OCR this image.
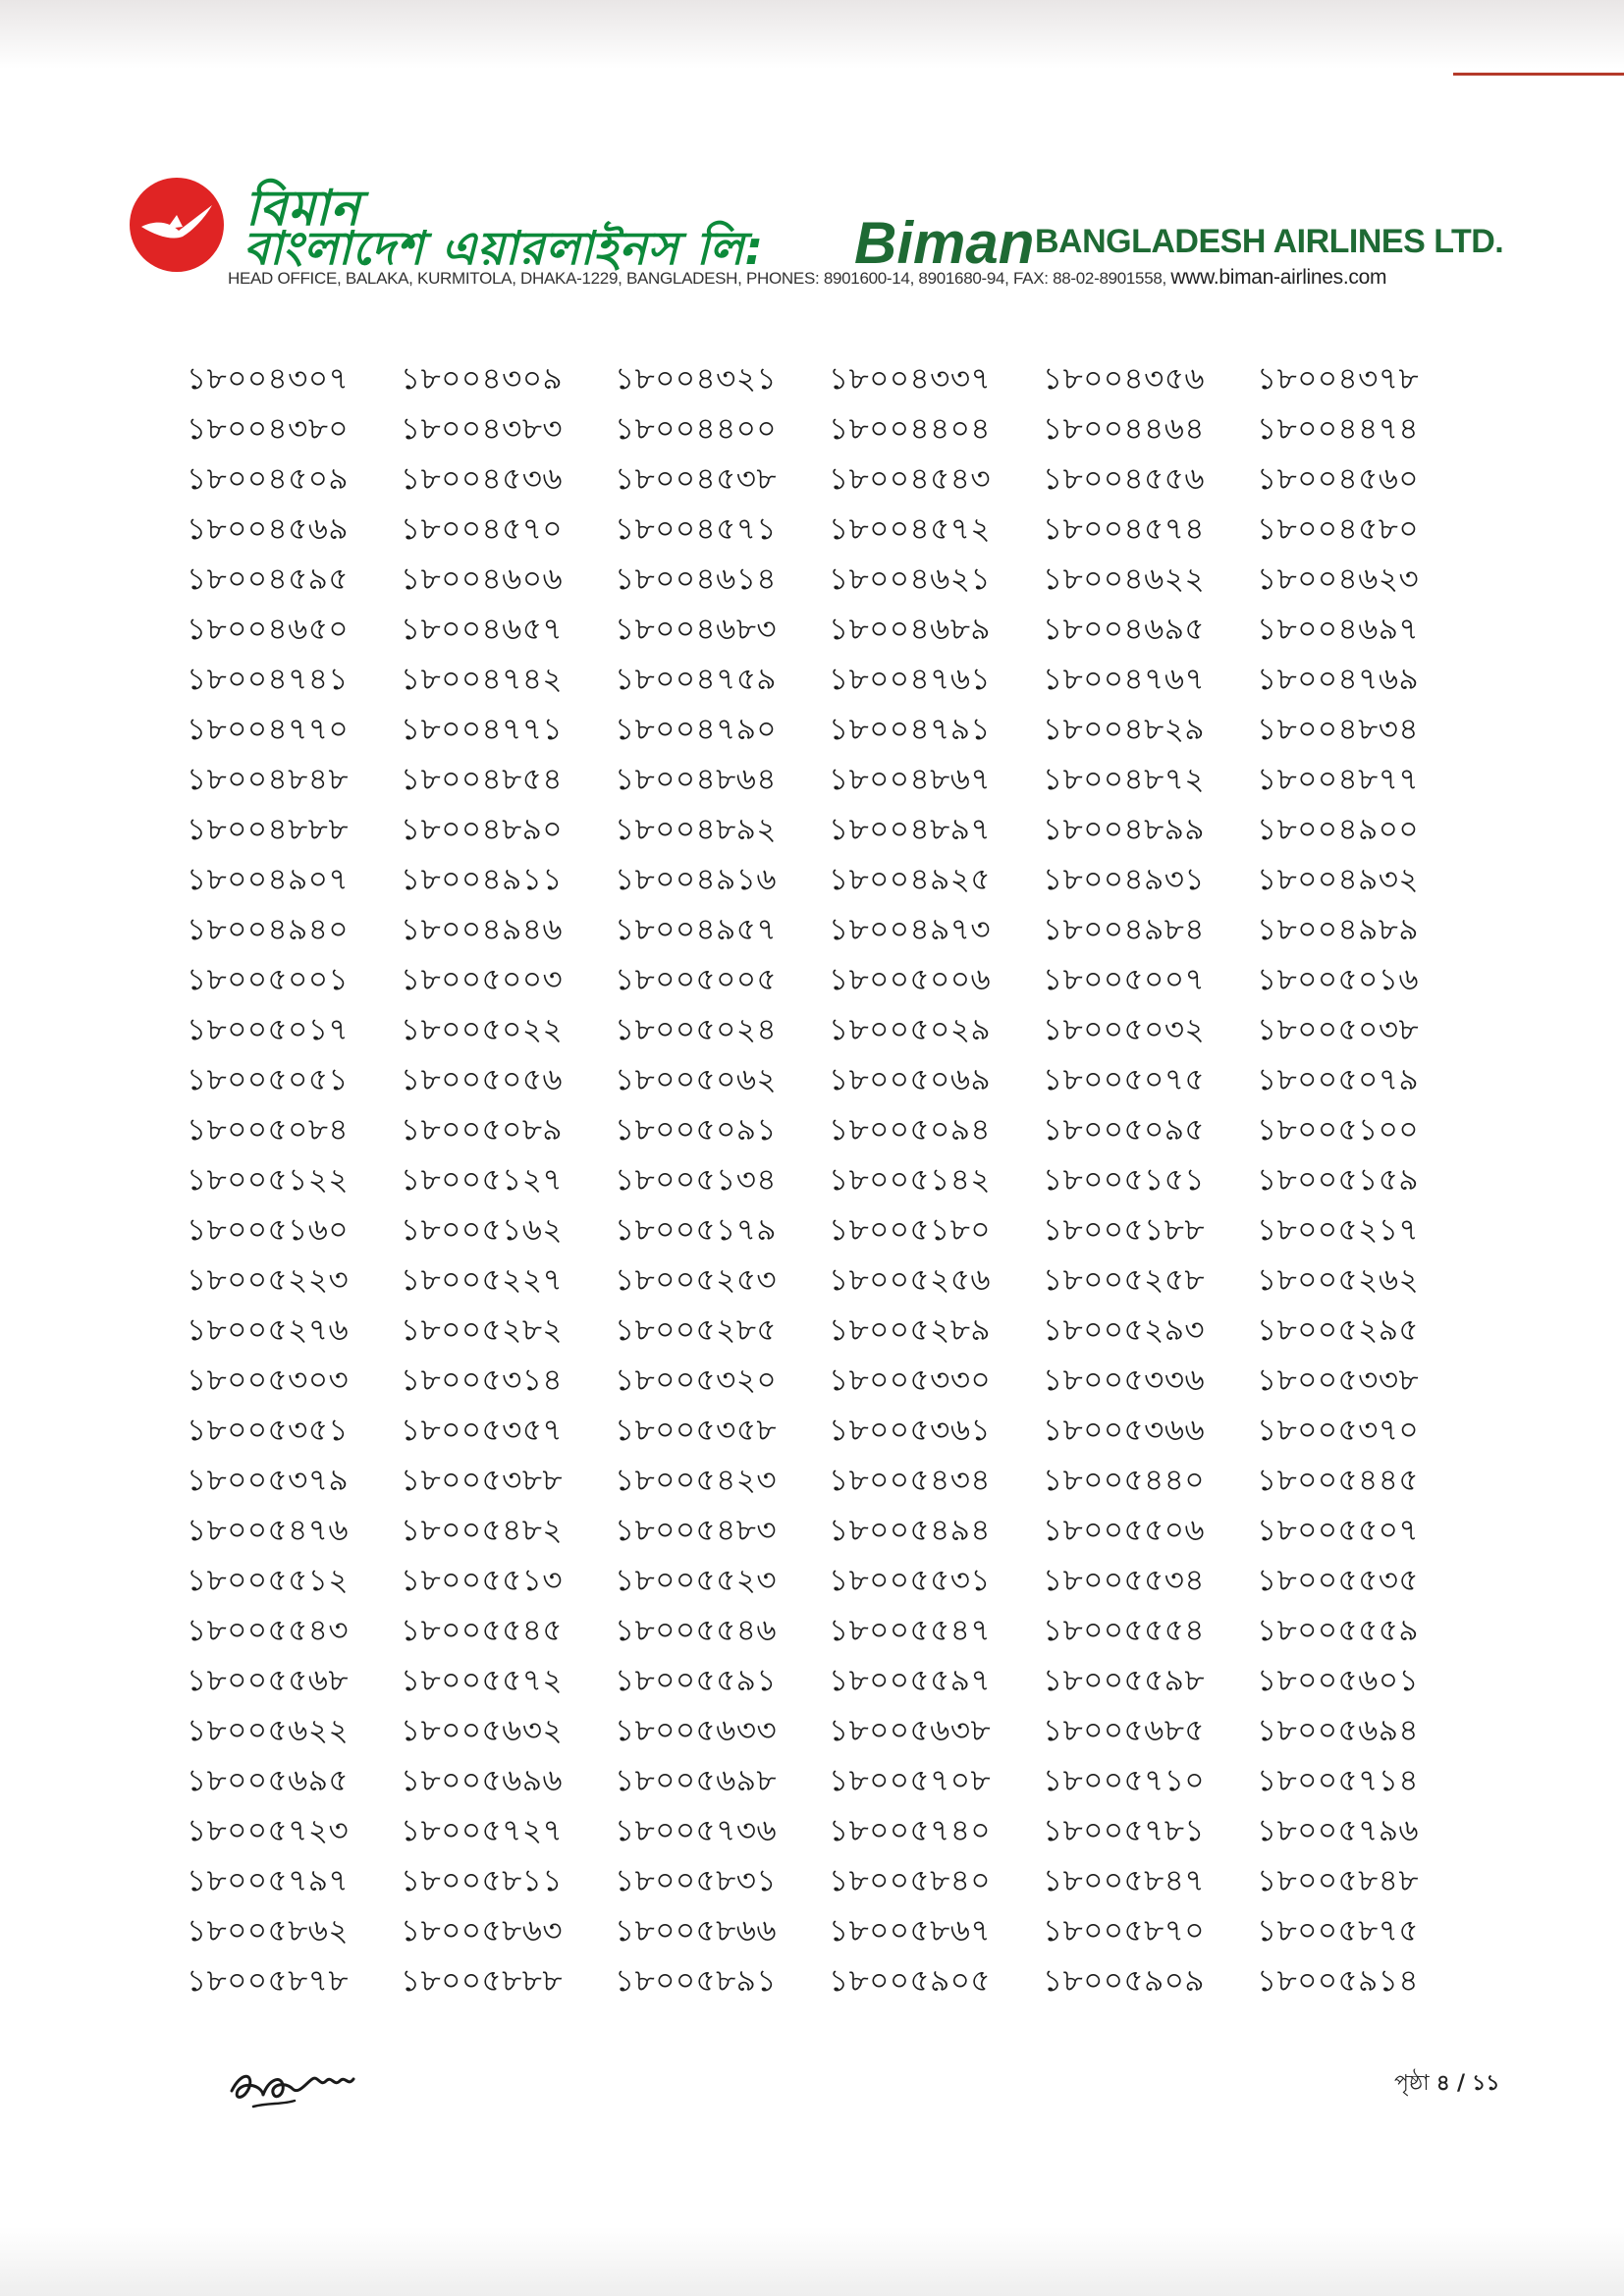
বিমান
বাংলাদেশ এয়ারলাইনস লি: Biman BANGLADESH AIRLINES LTD.
HEAD OFFICE, BALAKA, KURMITOLA, DHAKA-1229, BANGLADESH, PHONES: 8901600-14, 8901680-94, FAX: 88-02-8901558, www.biman-airlines.com
১৮০০৪৩০৭	১৮০০৪৩০৯	১৮০০৪৩২১	১৮০০৪৩৩৭	১৮০০৪৩৫৬	১৮০০৪৩৭৮
১৮০০৪৩৮০	১৮০০৪৩৮৩	১৮০০৪৪০০	১৮০০৪৪০৪	১৮০০৪৪৬৪	১৮০০৪৪৭৪
১৮০০৪৫০৯	১৮০০৪৫৩৬	১৮০০৪৫৩৮	১৮০০৪৫৪৩	১৮০০৪৫৫৬	১৮০০৪৫৬০
১৮০০৪৫৬৯	১৮০০৪৫৭০	১৮০০৪৫৭১	১৮০০৪৫৭২	১৮০০৪৫৭৪	১৮০০৪৫৮০
১৮০০৪৫৯৫	১৮০০৪৬০৬	১৮০০৪৬১৪	১৮০০৪৬২১	১৮০০৪৬২২	১৮০০৪৬২৩
১৮০০৪৬৫০	১৮০০৪৬৫৭	১৮০০৪৬৮৩	১৮০০৪৬৮৯	১৮০০৪৬৯৫	১৮০০৪৬৯৭
১৮০০৪৭৪১	১৮০০৪৭৪২	১৮০০৪৭৫৯	১৮০০৪৭৬১	১৮০০৪৭৬৭	১৮০০৪৭৬৯
১৮০০৪৭৭০	১৮০০৪৭৭১	১৮০০৪৭৯০	১৮০০৪৭৯১	১৮০০৪৮২৯	১৮০০৪৮৩৪
১৮০০৪৮৪৮	১৮০০৪৮৫৪	১৮০০৪৮৬৪	১৮০০৪৮৬৭	১৮০০৪৮৭২	১৮০০৪৮৭৭
১৮০০৪৮৮৮	১৮০০৪৮৯০	১৮০০৪৮৯২	১৮০০৪৮৯৭	১৮০০৪৮৯৯	১৮০০৪৯০০
১৮০০৪৯০৭	১৮০০৪৯১১	১৮০০৪৯১৬	১৮০০৪৯২৫	১৮০০৪৯৩১	১৮০০৪৯৩২
১৮০০৪৯৪০	১৮০০৪৯৪৬	১৮০০৪৯৫৭	১৮০০৪৯৭৩	১৮০০৪৯৮৪	১৮০০৪৯৮৯
১৮০০৫০০১	১৮০০৫০০৩	১৮০০৫০০৫	১৮০০৫০০৬	১৮০০৫০০৭	১৮০০৫০১৬
১৮০০৫০১৭	১৮০০৫০২২	১৮০০৫০২৪	১৮০০৫০২৯	১৮০০৫০৩২	১৮০০৫০৩৮
১৮০০৫০৫১	১৮০০৫০৫৬	১৮০০৫০৬২	১৮০০৫০৬৯	১৮০০৫০৭৫	১৮০০৫০৭৯
১৮০০৫০৮৪	১৮০০৫০৮৯	১৮০০৫০৯১	১৮০০৫০৯৪	১৮০০৫০৯৫	১৮০০৫১০০
১৮০০৫১২২	১৮০০৫১২৭	১৮০০৫১৩৪	১৮০০৫১৪২	১৮০০৫১৫১	১৮০০৫১৫৯
১৮০০৫১৬০	১৮০০৫১৬২	১৮০০৫১৭৯	১৮০০৫১৮০	১৮০০৫১৮৮	১৮০০৫২১৭
১৮০০৫২২৩	১৮০০৫২২৭	১৮০০৫২৫৩	১৮০০৫২৫৬	১৮০০৫২৫৮	১৮০০৫২৬২
১৮০০৫২৭৬	১৮০০৫২৮২	১৮০০৫২৮৫	১৮০০৫২৮৯	১৮০০৫২৯৩	১৮০০৫২৯৫
১৮০০৫৩০৩	১৮০০৫৩১৪	১৮০০৫৩২০	১৮০০৫৩৩০	১৮০০৫৩৩৬	১৮০০৫৩৩৮
১৮০০৫৩৫১	১৮০০৫৩৫৭	১৮০০৫৩৫৮	১৮০০৫৩৬১	১৮০০৫৩৬৬	১৮০০৫৩৭০
১৮০০৫৩৭৯	১৮০০৫৩৮৮	১৮০০৫৪২৩	১৮০০৫৪৩৪	১৮০০৫৪৪০	১৮০০৫৪৪৫
১৮০০৫৪৭৬	১৮০০৫৪৮২	১৮০০৫৪৮৩	১৮০০৫৪৯৪	১৮০০৫৫০৬	১৮০০৫৫০৭
১৮০০৫৫১২	১৮০০৫৫১৩	১৮০০৫৫২৩	১৮০০৫৫৩১	১৮০০৫৫৩৪	১৮০০৫৫৩৫
১৮০০৫৫৪৩	১৮০০৫৫৪৫	১৮০০৫৫৪৬	১৮০০৫৫৪৭	১৮০০৫৫৫৪	১৮০০৫৫৫৯
১৮০০৫৫৬৮	১৮০০৫৫৭২	১৮০০৫৫৯১	১৮০০৫৫৯৭	১৮০০৫৫৯৮	১৮০০৫৬০১
১৮০০৫৬২২	১৮০০৫৬৩২	১৮০০৫৬৩৩	১৮০০৫৬৩৮	১৮০০৫৬৮৫	১৮০০৫৬৯৪
১৮০০৫৬৯৫	১৮০০৫৬৯৬	১৮০০৫৬৯৮	১৮০০৫৭০৮	১৮০০৫৭১০	১৮০০৫৭১৪
১৮০০৫৭২৩	১৮০০৫৭২৭	১৮০০৫৭৩৬	১৮০০৫৭৪০	১৮০০৫৭৮১	১৮০০৫৭৯৬
১৮০০৫৭৯৭	১৮০০৫৮১১	১৮০০৫৮৩১	১৮০০৫৮৪০	১৮০০৫৮৪৭	১৮০০৫৮৪৮
১৮০০৫৮৬২	১৮০০৫৮৬৩	১৮০০৫৮৬৬	১৮০০৫৮৬৭	১৮০০৫৮৭০	১৮০০৫৮৭৫
১৮০০৫৮৭৮	১৮০০৫৮৮৮	১৮০০৫৮৯১	১৮০০৫৯০৫	১৮০০৫৯০৯	১৮০০৫৯১৪
পৃষ্ঠা ৪ / ১১
